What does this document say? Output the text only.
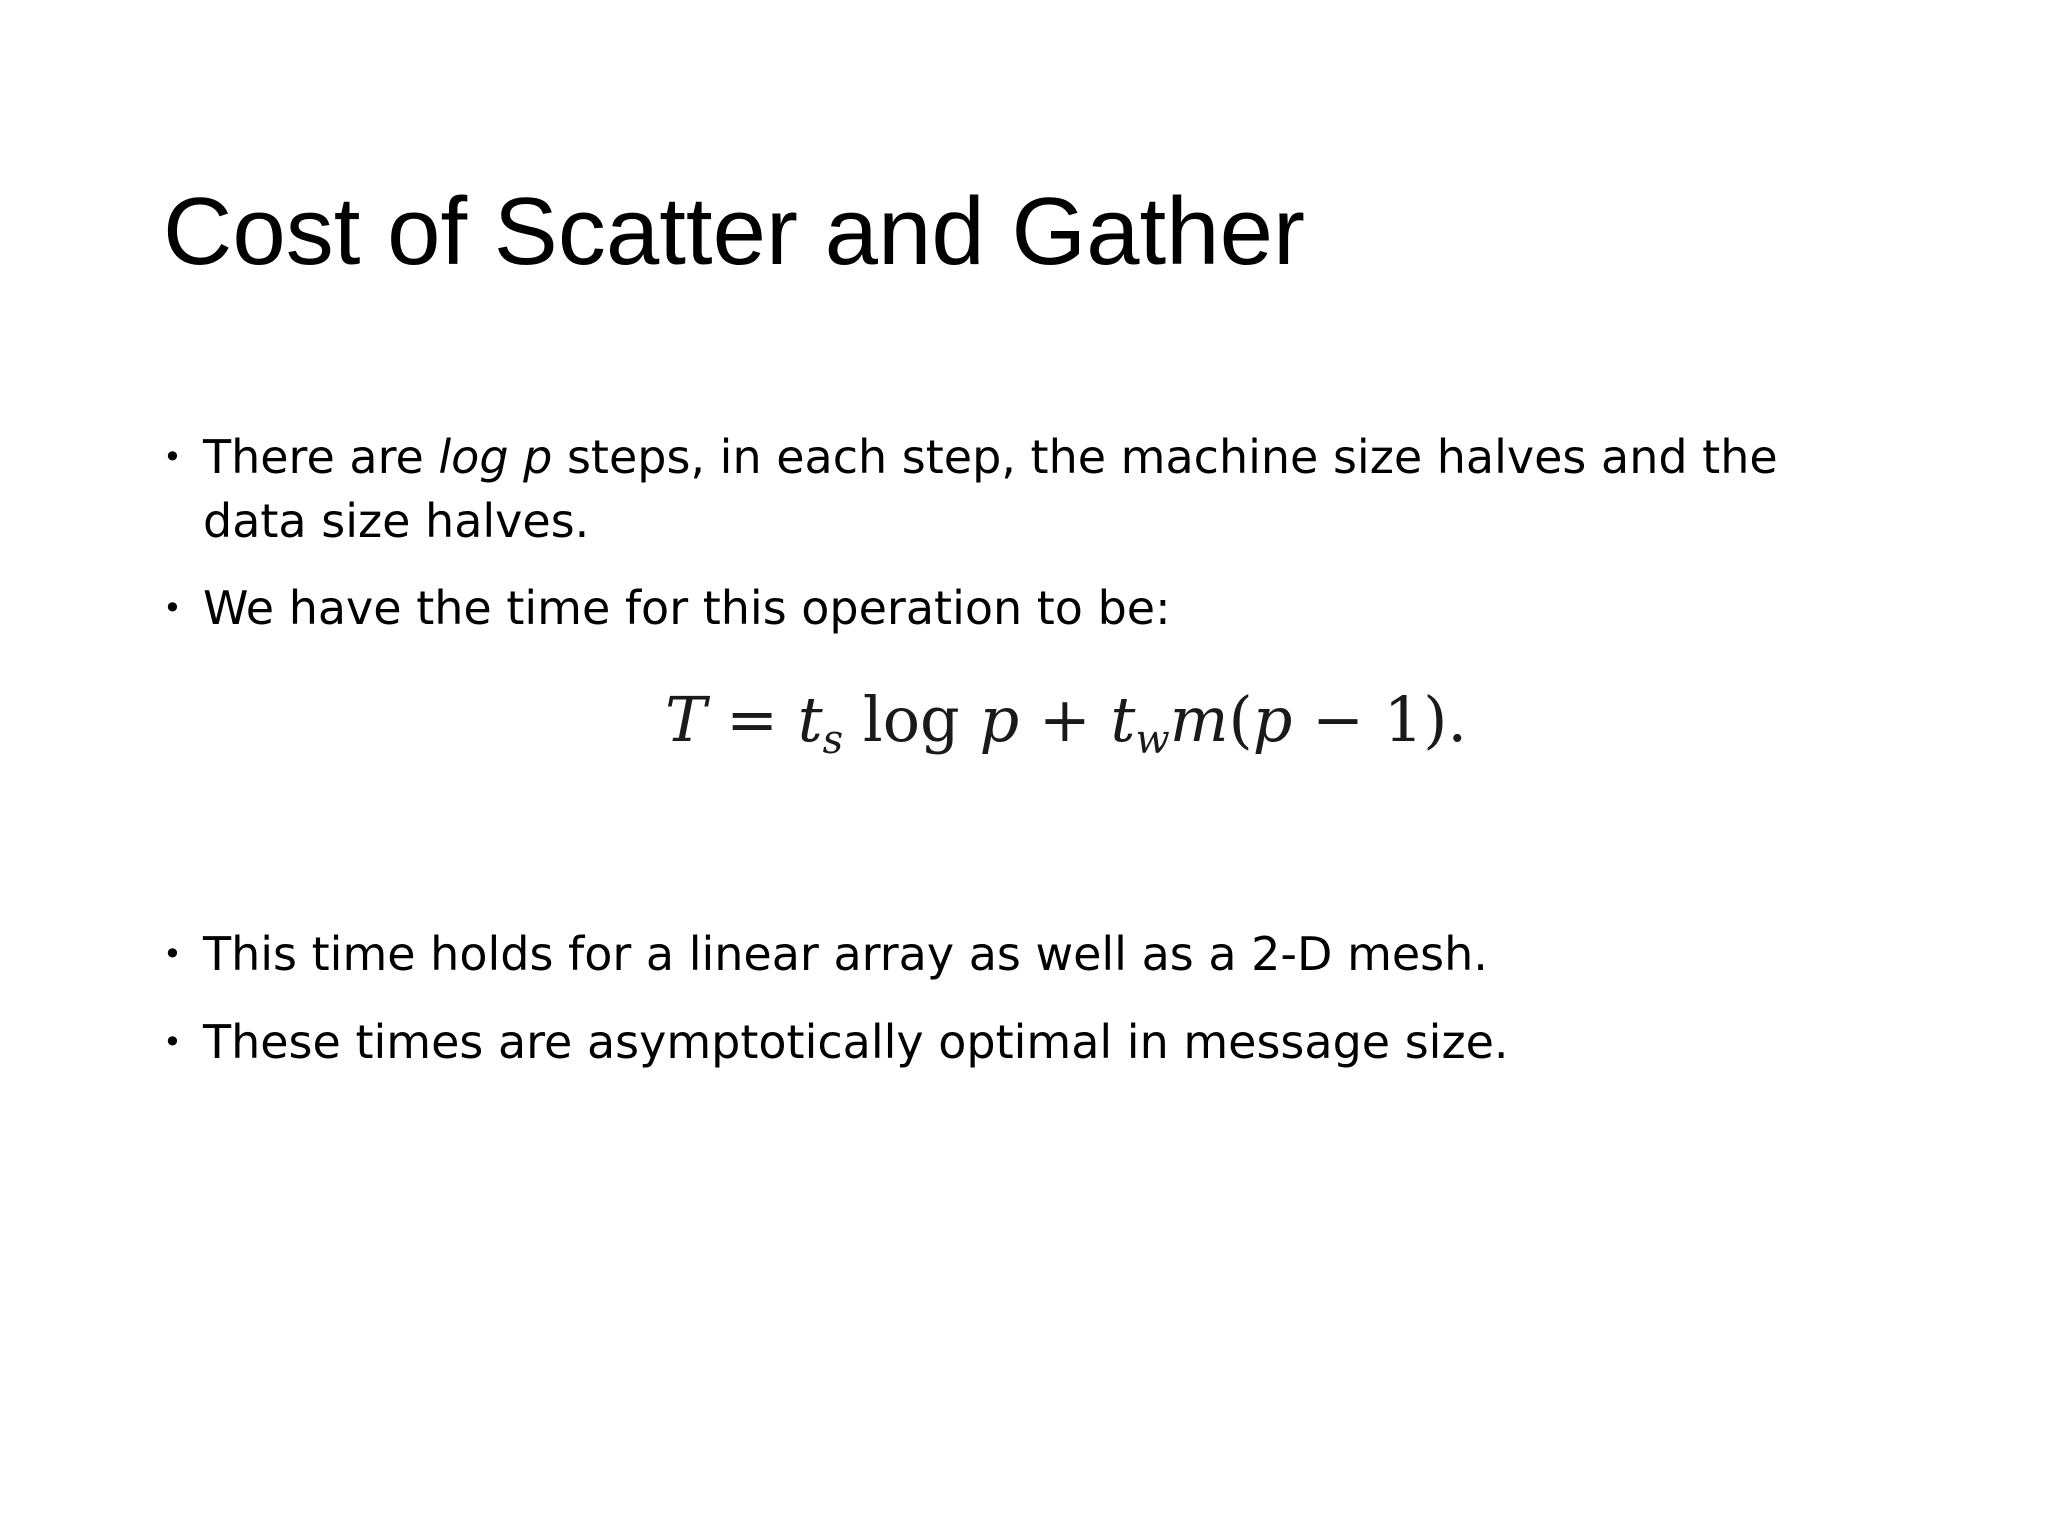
Cost of Scatter and Gather
• There are log p steps, in each step, the machine size halves and the data size halves.
• We have the time for this operation to be:
$T = t_s$ $\log p + t_wm(p - 1)$.
• This time holds for a linear array as well as a 2-D mesh.
• These times are asymptotically optimal in message size.
